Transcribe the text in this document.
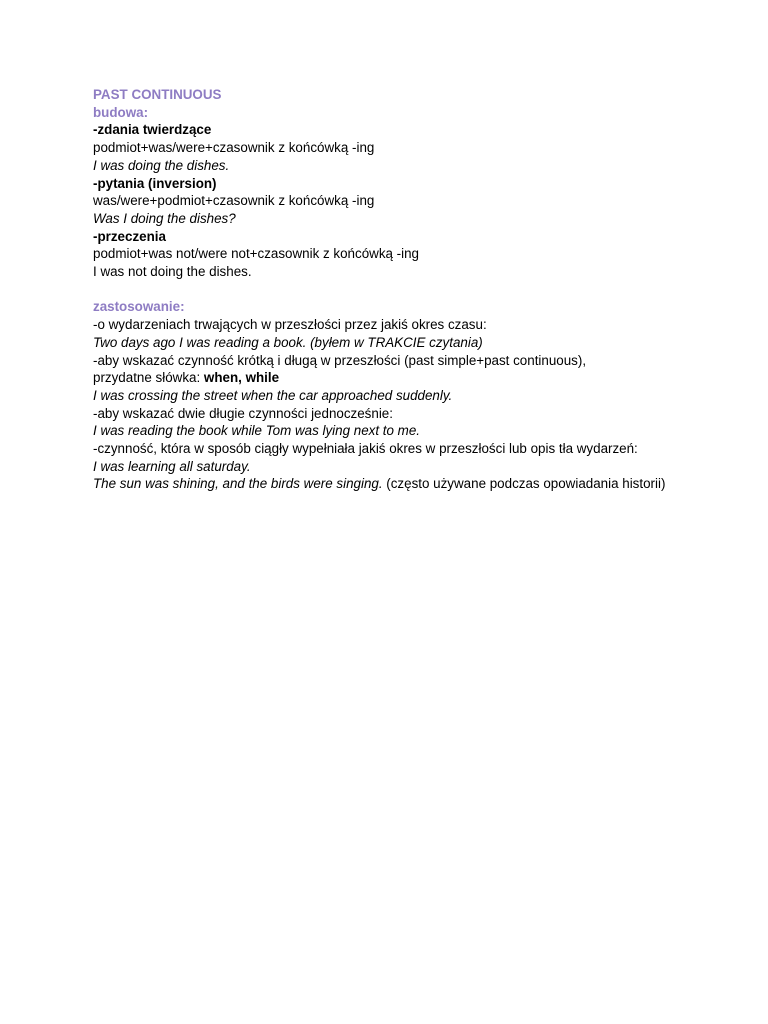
PAST CONTINUOUS
budowa:
-zdania twierdzące
podmiot+was/were+czasownik z końcówką -ing
I was doing the dishes.
-pytania (inversion)
was/were+podmiot+czasownik z końcówką -ing
Was I doing the dishes?
-przeczenia
podmiot+was not/were not+czasownik z końcówką -ing
I was not doing the dishes.
zastosowanie:
-o wydarzeniach trwających w przeszłości przez jakiś okres czasu:
Two days ago I was reading a book. (byłem w TRAKCIE czytania)
-aby wskazać czynność krótką i długą w przeszłości (past simple+past continuous),
przydatne słówka: when, while
I was crossing the street when the car approached suddenly.
-aby wskazać dwie długie czynności jednocześnie:
I was reading the book while Tom was lying next to me.
-czynność, która w sposób ciągły wypełniała jakiś okres w przeszłości lub opis tła wydarzeń:
I was learning all saturday.
The sun was shining, and the birds were singing. (często używane podczas opowiadania historii)
